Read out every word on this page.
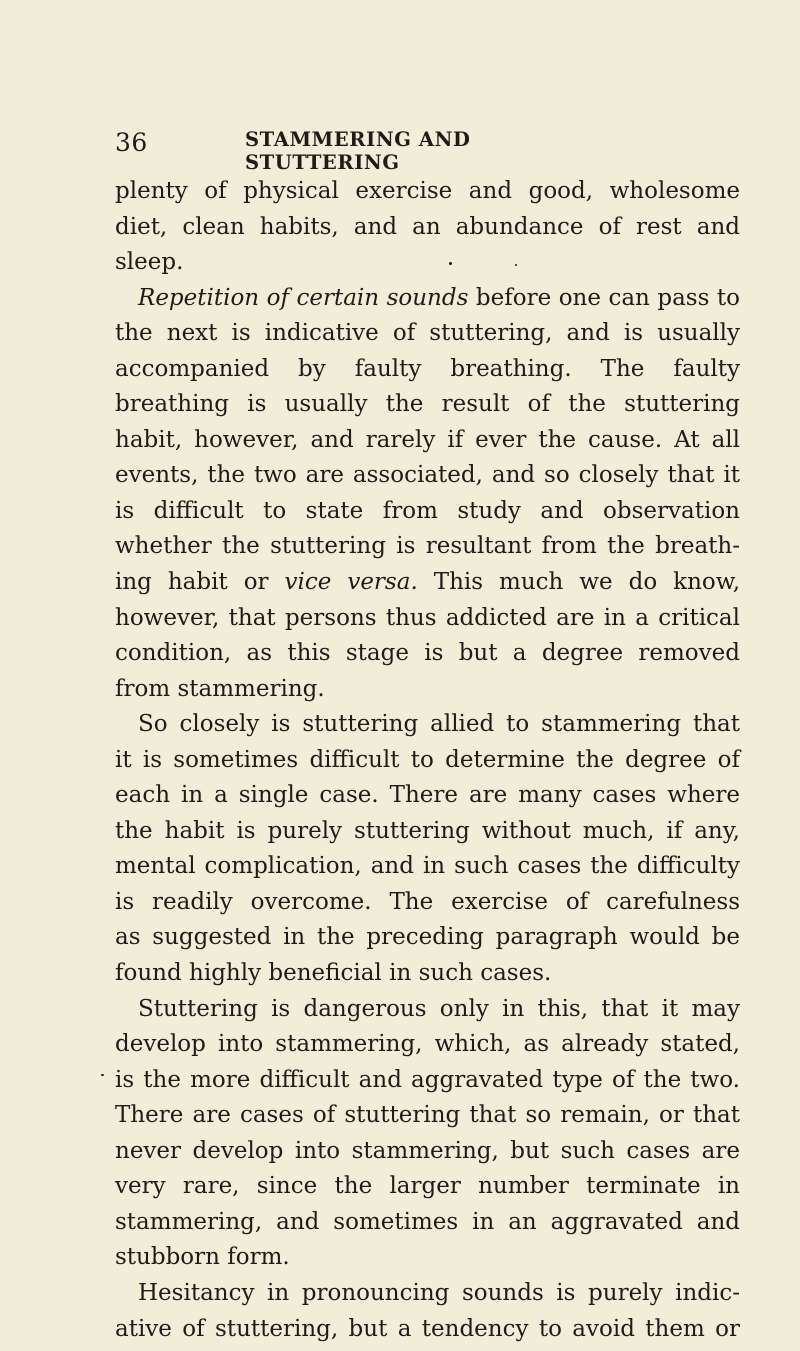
36	STAMMERING AND STUTTERING

plenty of physical exercise and good, wholesome
diet, clean habits, and an abundance of rest and
sleep.

Repetition of certain sounds before one can pass to
the next is indicative of stuttering, and is usually
accompanied by faulty breathing. The faulty
breathing is usually the result of the stuttering
habit, however, and rarely if ever the cause. At all
events, the two are associated, and so closely that it
is difficult to state from study and observation
whether the stuttering is resultant from the breath-
ing habit or vice versa. This much we do know,
however, that persons thus addicted are in a critical
condition, as this stage is but a degree removed
from stammering.

So closely is stuttering allied to stammering that
it is sometimes difficult to determine the degree of
each in a single case. There are many cases where
the habit is purely stuttering without much, if any,
mental complication, and in such cases the difficulty
is readily overcome. The exercise of carefulness
as suggested in the preceding paragraph would be
found highly beneficial in such cases.

Stuttering is dangerous only in this, that it may
develop into stammering, which, as already stated,
is the more difficult and aggravated type of the two.
There are cases of stuttering that so remain, or that
never develop into stammering, but such cases are
very rare, since the larger number terminate in
stammering, and sometimes in an aggravated and
stubborn form.

Hesitancy in pronouncing sounds is purely indic-
ative of stuttering, but a tendency to avoid them or
